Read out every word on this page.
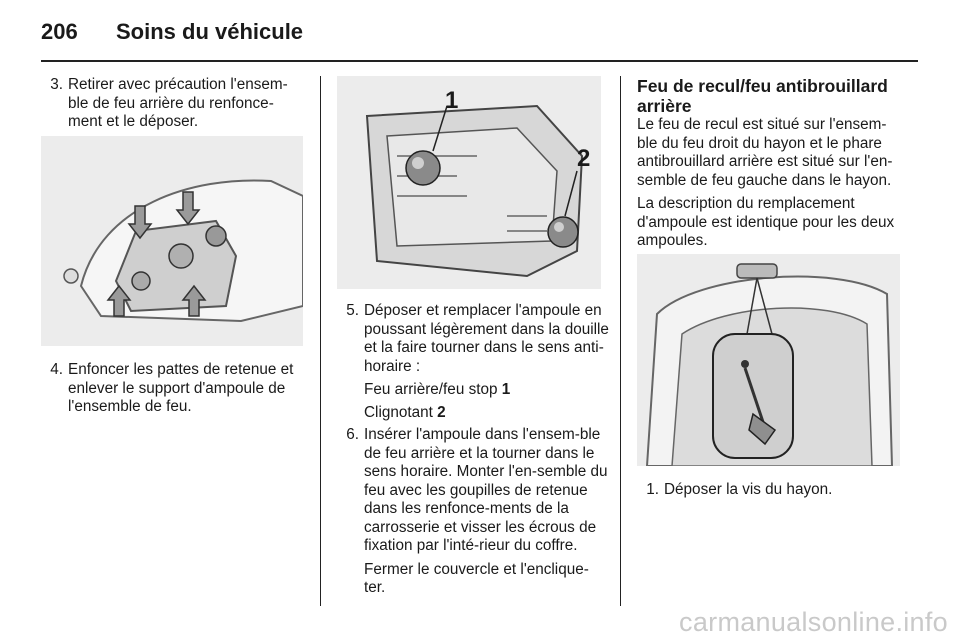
206	Soins du véhicule

3. Retirer avec précaution l'ensem-ble de feu arrière du renfonce-ment et le déposer.

4. Enfoncer les pattes de retenue et enlever le support d'ampoule de l'ensemble de feu.

1
2

5. Déposer et remplacer l'ampoule en poussant légèrement dans la douille et la faire tourner dans le sens anti-horaire :

Feu arrière/feu stop 1

Clignotant 2

6. Insérer l'ampoule dans l'ensem-ble de feu arrière et la tourner dans le sens horaire. Monter l'en-semble du feu avec les goupilles de retenue dans les renfonce-ments de la carrosserie et visser les écrous de fixation par l'inté-rieur du coffre.

Fermer le couvercle et l'enclique-ter.

Feu de recul/feu antibrouillard arrière

Le feu de recul est situé sur l'ensem-ble du feu droit du hayon et le phare antibrouillard arrière est situé sur l'en-semble de feu gauche dans le hayon.

La description du remplacement d'ampoule est identique pour les deux ampoules.

1. Déposer la vis du hayon.

carmanualsonline.info
